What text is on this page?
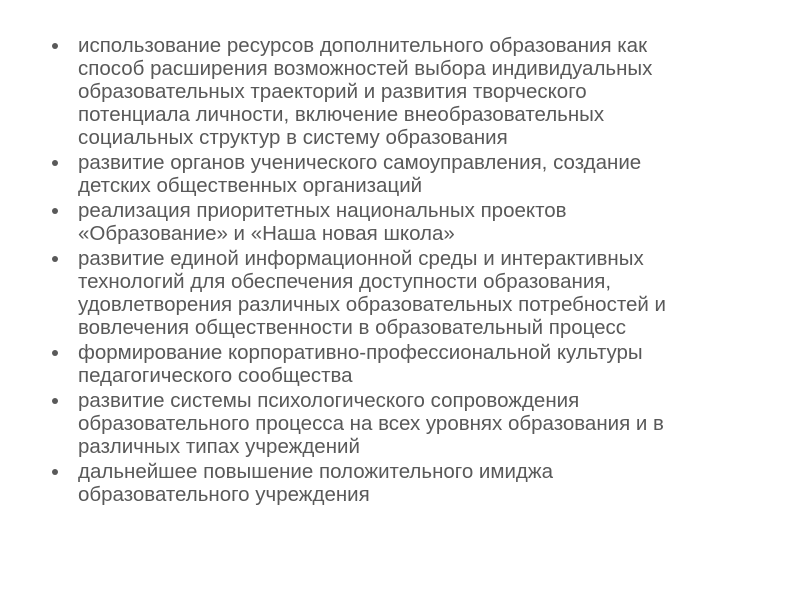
использование ресурсов дополнительного образования как
способ расширения возможностей выбора индивидуальных
образовательных траекторий и развития творческого
потенциала личности, включение внеобразовательных
социальных структур в систему образования
развитие органов ученического самоуправления, создание
детских общественных организаций
реализация приоритетных национальных проектов
«Образование» и «Наша новая школа»
развитие единой информационной среды и интерактивных
технологий для обеспечения доступности образования,
удовлетворения различных образовательных потребностей и
вовлечения общественности в образовательный процесс
формирование корпоративно-профессиональной культуры
педагогического сообщества
развитие системы психологического сопровождения
образовательного процесса на всех уровнях образования и в
различных типах учреждений
дальнейшее повышение положительного имиджа
образовательного учреждения
